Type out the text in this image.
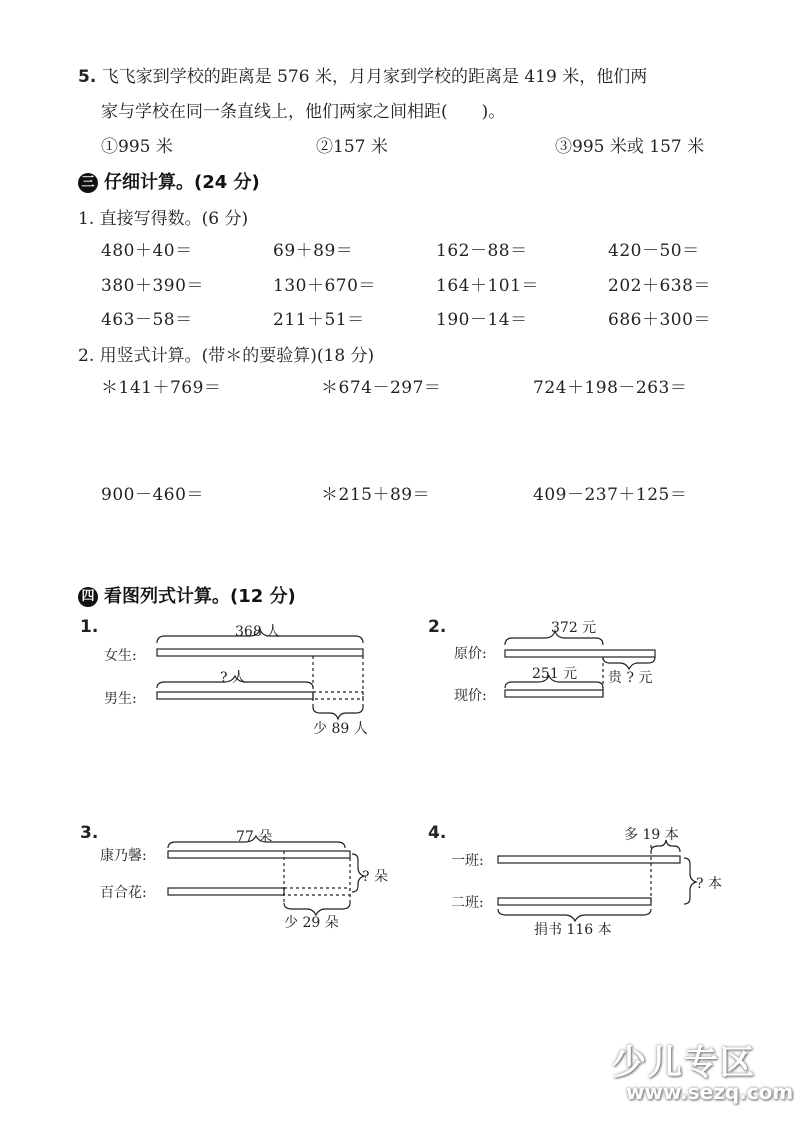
5. 飞飞家到学校的距离是 576 米，月月家到学校的距离是 419 米，他们两
家与学校在同一条直线上，他们两家之间相距(　　)。
①995 米	②157 米	③995 米或 157 米
三 仔细计算。(24 分)
1. 直接写得数。(6 分)
480＋40＝	69＋89＝	162－88＝	420－50＝
380＋390＝	130＋670＝	164＋101＝	202＋638＝
463－58＝	211＋51＝	190－14＝	686＋300＝
2. 用竖式计算。(带＊的要验算)(18 分)
＊141＋769＝	＊674－297＝	724＋198－263＝
900－460＝	＊215＋89＝	409－237＋125＝
四 看图列式计算。(12 分)
1.	368 人
女生:
? 人
男生:
少 89 人
2.	372 元
原价:
251 元 贵 ? 元
现价:
3.	77 朵
康乃馨:
? 朵
百合花:
少 29 朵
4.	多 19 本
一班:
? 本
二班:
捐书 116 本
少儿专区
www.sezq.com
